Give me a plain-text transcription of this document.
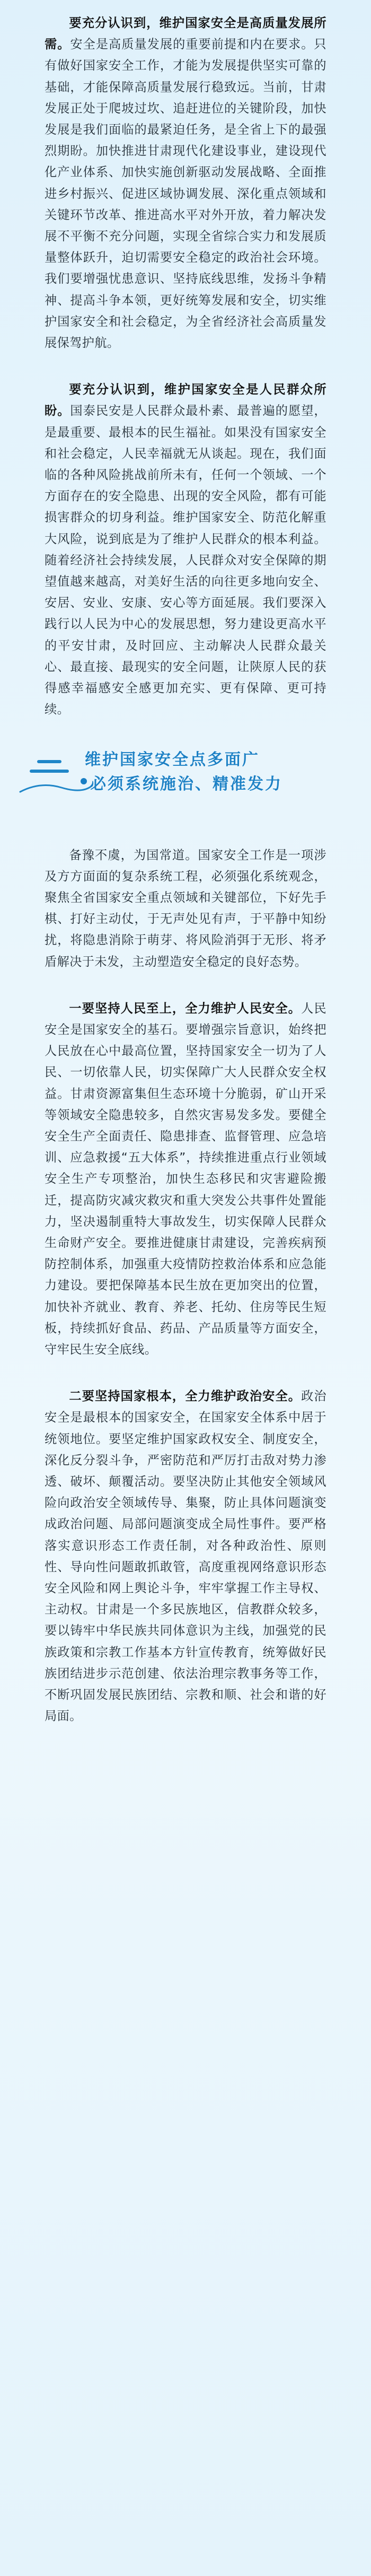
要充分认识到，维护国家安全是高质量发展所需。安全是高质量发展的重要前提和内在要求。只有做好国家安全工作，才能为发展提供坚实可靠的基础，才能保障高质量发展行稳致远。当前，甘肃发展正处于爬坡过坎、追赶进位的关键阶段，加快发展是我们面临的最紧迫任务，是全省上下的最强烈期盼。加快推进甘肃现代化建设事业，建设现代化产业体系、加快实施创新驱动发展战略、全面推进乡村振兴、促进区域协调发展、深化重点领域和关键环节改革、推进高水平对外开放，着力解决发展不平衡不充分问题，实现全省综合实力和发展质量整体跃升，迫切需要安全稳定的政治社会环境。我们要增强忧患意识、坚持底线思维，发扬斗争精神、提高斗争本领，更好统筹发展和安全，切实维护国家安全和社会稳定，为全省经济社会高质量发展保驾护航。

要充分认识到，维护国家安全是人民群众所盼。国泰民安是人民群众最朴素、最普遍的愿望，是最重要、最根本的民生福祉。如果没有国家安全和社会稳定，人民幸福就无从谈起。现在，我们面临的各种风险挑战前所未有，任何一个领域、一个方面存在的安全隐患、出现的安全风险，都有可能损害群众的切身利益。维护国家安全、防范化解重大风险，说到底是为了维护人民群众的根本利益。随着经济社会持续发展，人民群众对安全保障的期望值越来越高，对美好生活的向往更多地向安全、安居、安业、安康、安心等方面延展。我们要深入践行以人民为中心的发展思想，努力建设更高水平的平安甘肃，及时回应、主动解决人民群众最关心、最直接、最现实的安全问题，让陕原人民的获得感幸福感安全感更加充实、更有保障、更可持续。

维护国家安全点多面广
必须系统施治、精准发力

备豫不虞，为国常道。国家安全工作是一项涉及方方面面的复杂系统工程，必须强化系统观念，聚焦全省国家安全重点领域和关键部位，下好先手棋、打好主动仗，于无声处见有声，于平静中知纷扰，将隐患消除于萌芽、将风险消弭于无形、将矛盾解决于未发，主动塑造安全稳定的良好态势。

一要坚持人民至上，全力维护人民安全。人民安全是国家安全的基石。要增强宗旨意识，始终把人民放在心中最高位置，坚持国家安全一切为了人民、一切依靠人民，切实保障广大人民群众安全权益。甘肃资源富集但生态环境十分脆弱，矿山开采等领域安全隐患较多，自然灾害易发多发。要健全安全生产全面责任、隐患排查、监督管理、应急培训、应急救援“五大体系”，持续推进重点行业领域安全生产专项整治，加快生态移民和灾害避险搬迁，提高防灾减灾救灾和重大突发公共事件处置能力，坚决遏制重特大事故发生，切实保障人民群众生命财产安全。要推进健康甘肃建设，完善疾病预防控制体系，加强重大疫情防控救治体系和应急能力建设。要把保障基本民生放在更加突出的位置，加快补齐就业、教育、养老、托幼、住房等民生短板，持续抓好食品、药品、产品质量等方面安全，守牢民生安全底线。

二要坚持国家根本，全力维护政治安全。政治安全是最根本的国家安全，在国家安全体系中居于统领地位。要坚定维护国家政权安全、制度安全，深化反分裂斗争，严密防范和严厉打击敌对势力渗透、破坏、颠覆活动。要坚决防止其他安全领域风险向政治安全领域传导、集聚，防止具体问题演变成政治问题、局部问题演变成全局性事件。要严格落实意识形态工作责任制，对各种政治性、原则性、导向性问题敢抓敢管，高度重视网络意识形态安全风险和网上舆论斗争，牢牢掌握工作主导权、主动权。甘肃是一个多民族地区，信教群众较多，要以铸牢中华民族共同体意识为主线，加强党的民族政策和宗教工作基本方针宣传教育，统筹做好民族团结进步示范创建、依法治理宗教事务等工作，不断巩固发展民族团结、宗教和顺、社会和谐的好局面。
